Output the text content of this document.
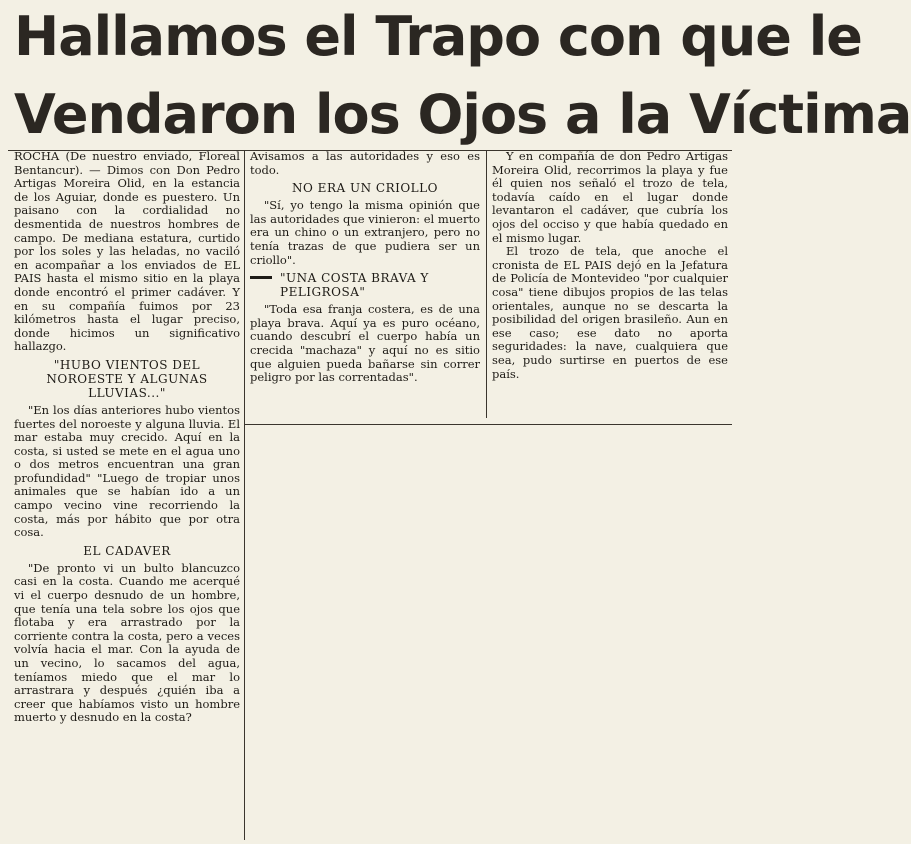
Hallamos el Trapo con que le
Vendaron los Ojos a la Víctima

ROCHA (De nuestro enviado, Floreal Bentancur). — Dimos con Don Pedro Artigas Moreira Olid, en la estancia de los Aguiar, donde es puestero. Un paisano con la cordialidad no desmentida de nuestros hombres de campo. De mediana estatura, curtido por los soles y las heladas, no vaciló en acompañar a los enviados de EL PAIS hasta el mismo sitio en la playa donde encontró el primer cadáver. Y en su compañía fuimos por 23 kilómetros hasta el lugar preciso, donde hicimos un significativo hallazgo.

"HUBO VIENTOS DEL NOROESTE Y ALGUNAS LLUVIAS..."

"En los días anteriores hubo vientos fuertes del noroeste y alguna lluvia. El mar estaba muy crecido. Aquí en la costa, si usted se mete en el agua uno o dos metros encuentran una gran profundidad" "Luego de tropiar unos animales que se habían ido a un campo vecino vine recorriendo la costa, más por hábito que por otra cosa.

EL CADAVER

"De pronto vi un bulto blancuzco casi en la costa. Cuando me acerqué vi el cuerpo desnudo de un hombre, que tenía una tela sobre los ojos que flotaba y era arrastrado por la corriente contra la costa, pero a veces volvía hacia el mar. Con la ayuda de un vecino, lo sacamos del agua, teníamos miedo que el mar lo arrastrara y después ¿quién iba a creer que habíamos visto un hombre muerto y desnudo en la costa?

Avisamos a las autoridades y eso es todo.

NO ERA UN CRIOLLO

"Sí, yo tengo la misma opinión que las autoridades que vinieron: el muerto era un chino o un extranjero, pero no tenía trazas de que pudiera ser un criollo".

"UNA COSTA BRAVA Y PELIGROSA"

"Toda esa franja costera, es de una playa brava. Aquí ya es puro océano, cuando descubrí el cuerpo había un crecida "machaza" y aquí no es sitio que alguien pueda bañarse sin correr peligro por las correntadas".

Y en compañía de don Pedro Artigas Moreira Olid, recorrimos la playa y fue él quien nos señaló el trozo de tela, todavía caído en el lugar donde levantaron el cadáver, que cubría los ojos del occiso y que había quedado en el mismo lugar.

El trozo de tela, que anoche el cronista de EL PAIS dejó en la Jefatura de Policía de Montevideo "por cualquier cosa" tiene dibujos propios de las telas orientales, aunque no se descarta la posibilidad del origen brasileño. Aun en ese caso; ese dato no aporta seguridades: la nave, cualquiera que sea, pudo surtirse en puertos de ese país.
